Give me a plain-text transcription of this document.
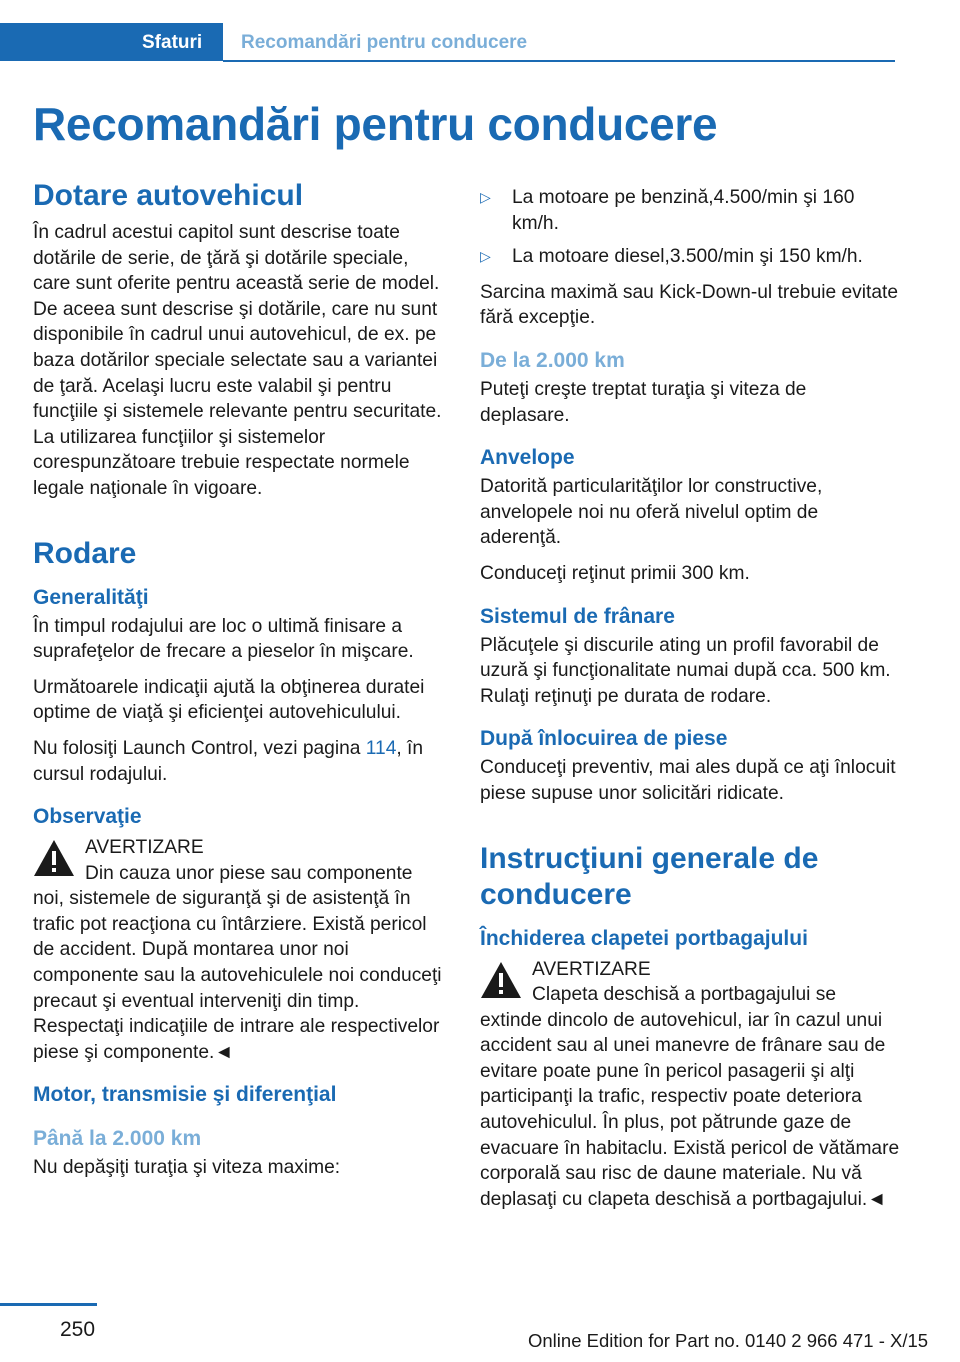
Sfaturi	Recomandări pentru conducere
Recomandări pentru conducere
Dotare autovehicul

În cadrul acestui capitol sunt descrise toate dotările de serie, de ţără şi dotările speciale, care sunt oferite pentru această serie de model. De aceea sunt descrise şi dotările, care nu sunt disponibile în cadrul unui autovehicul, de ex. pe baza dotărilor speciale selectate sau a variantei de ţară. Acelaşi lucru este valabil şi pentru funcţiile şi sistemele relevante pentru securitate. La utilizarea funcţiilor şi sistemelor corespunzătoare trebuie respectate normele legale naţionale în vigoare.

Rodare
Generalităţi

În timpul rodajului are loc o ultimă finisare a suprafeţelor de frecare a pieselor în mişcare.

Următoarele indicaţii ajută la obţinerea duratei optime de viaţă şi eficienţei autovehiculului.

Nu folosiţi Launch Control, vezi pagina 114, în cursul rodajului.

Observaţie
AVERTIZARE
Din cauza unor piese sau componente noi, sistemele de siguranţă şi de asistenţă în trafic pot reacţiona cu întârziere. Există pericol de accident. După montarea unor noi componente sau la autovehiculele noi conduceţi precaut şi eventual interveniţi din timp. Respectaţi indicaţiile de intrare ale respectivelor piese şi componente.◄
Motor, transmisie şi diferenţial
Până la 2.000 km

Nu depăşiţi turaţia şi viteza maxime:

▷ La motoare pe benzină,4.500/min şi 160 km/h.
▷ La motoare diesel,3.500/min şi 150 km/h.

Sarcina maximă sau Kick-Down-ul trebuie evitate fără excepţie.

De la 2.000 km

Puteţi creşte treptat turaţia şi viteza de deplasare.

Anvelope

Datorită particularităţilor lor constructive, anvelopele noi nu oferă nivelul optim de aderenţă.

Conduceţi reţinut primii 300 km.

Sistemul de frânare

Plăcuţele şi discurile ating un profil favorabil de uzură şi funcţionalitate numai după cca. 500 km. Rulaţi reţinuţi pe durata de rodare.

După înlocuirea de piese

Conduceţi preventiv, mai ales după ce aţi înlocuit piese supuse unor solicitări ridicate.

Instrucţiuni generale de conducere
Închiderea clapetei portbagajului
AVERTIZARE
Clapeta deschisă a portbagajului se extinde dincolo de autovehicul, iar în cazul unui accident sau al unei manevre de frânare sau de evitare poate pune în pericol pasagerii şi alţi participanţi la trafic, respectiv poate deteriora autovehiculul. În plus, pot pătrunde gaze de evacuare în habitaclu. Există pericol de vătămare corporală sau risc de daune materiale. Nu vă deplasaţi cu clapeta deschisă a portbagajului.◄
250	Online Edition for Part no. 0140 2 966 471 - X/15
